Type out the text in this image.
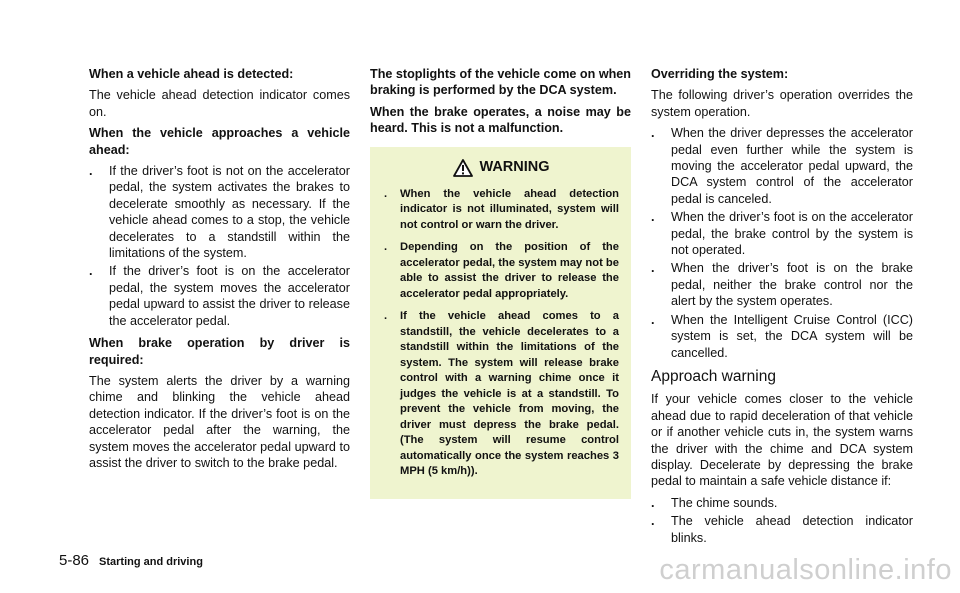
When a vehicle ahead is detected:

The vehicle ahead detection indicator comes on.

When the vehicle approaches a vehicle ahead:

. If the driver’s foot is not on the accelerator pedal, the system activates the brakes to decelerate smoothly as necessary. If the vehicle ahead comes to a stop, the vehicle decelerates to a standstill within the limitations of the system.
. If the driver’s foot is on the accelerator pedal, the system moves the accelerator pedal upward to assist the driver to release the accelerator pedal.

When brake operation by driver is required:

The system alerts the driver by a warning chime and blinking the vehicle ahead detection indicator. If the driver’s foot is on the accelerator pedal after the warning, the system moves the accelerator pedal upward to assist the driver to switch to the brake pedal.

The stoplights of the vehicle come on when braking is performed by the DCA system.

When the brake operates, a noise may be heard. This is not a malfunction.

WARNING
. When the vehicle ahead detection indicator is not illuminated, system will not control or warn the driver.
. Depending on the position of the accelerator pedal, the system may not be able to assist the driver to release the accelerator pedal appropriately.
. If the vehicle ahead comes to a standstill, the vehicle decelerates to a standstill within the limitations of the system. The system will release brake control with a warning chime once it judges the vehicle is at a standstill. To prevent the vehicle from moving, the driver must depress the brake pedal. (The system will resume control automatically once the system reaches 3 MPH (5 km/h)).

Overriding the system:

The following driver’s operation overrides the system operation.

. When the driver depresses the accelerator pedal even further while the system is moving the accelerator pedal upward, the DCA system control of the accelerator pedal is canceled.
. When the driver’s foot is on the accelerator pedal, the brake control by the system is not operated.
. When the driver’s foot is on the brake pedal, neither the brake control nor the alert by the system operates.
. When the Intelligent Cruise Control (ICC) system is set, the DCA system will be cancelled.
Approach warning

If your vehicle comes closer to the vehicle ahead due to rapid deceleration of that vehicle or if another vehicle cuts in, the system warns the driver with the chime and DCA system display. Decelerate by depressing the brake pedal to maintain a safe vehicle distance if:

. The chime sounds.
. The vehicle ahead detection indicator blinks.
5-86 Starting and driving	carmanualsonline.info
